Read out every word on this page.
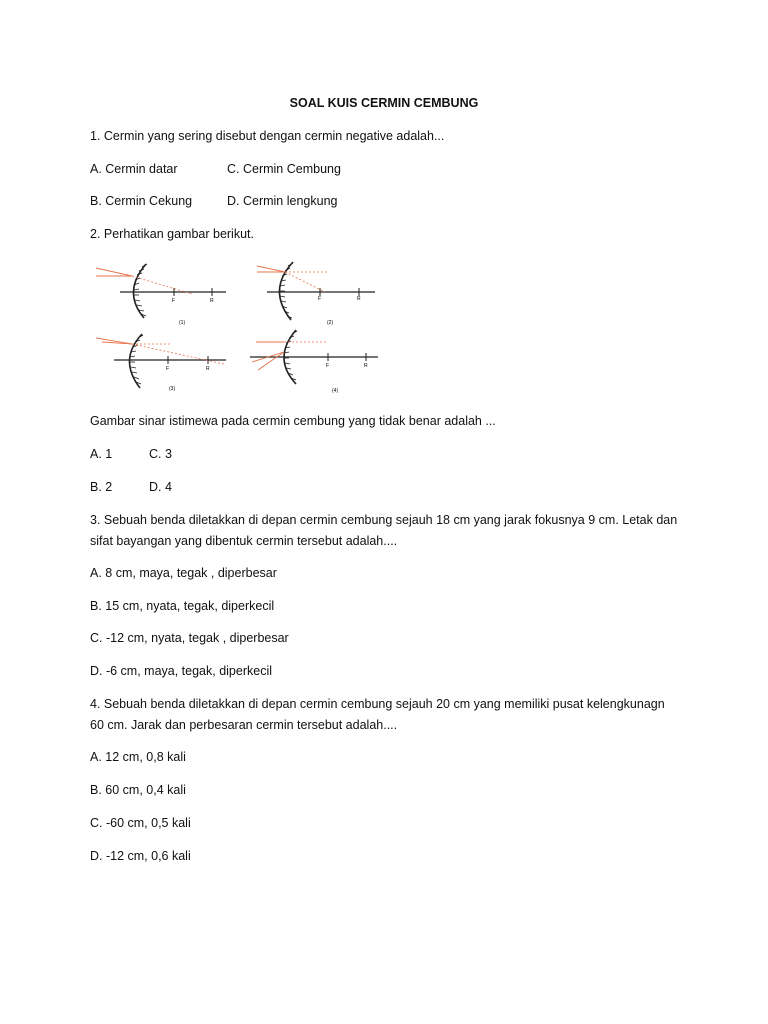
SOAL KUIS CERMIN CEMBUNG
1. Cermin yang sering disebut dengan cermin negative adalah...
A. Cermin datar	C. Cermin Cembung
B. Cermin Cekung	D. Cermin lengkung
2. Perhatikan gambar berikut.
F	R
(1)
F	R
(2)
F	R
(3)
F	R
(4)
Gambar sinar istimewa pada cermin cembung yang tidak benar adalah ...
A. 1	C. 3
B. 2	D. 4
3. Sebuah benda diletakkan di depan cermin cembung sejauh 18 cm yang jarak fokusnya 9 cm. Letak dan sifat bayangan yang dibentuk cermin tersebut adalah....
A. 8 cm, maya, tegak , diperbesar
B. 15 cm, nyata, tegak, diperkecil
C. -12 cm, nyata, tegak , diperbesar
D. -6 cm, maya, tegak, diperkecil
4. Sebuah benda diletakkan di depan cermin cembung sejauh 20 cm yang memiliki pusat kelengkunagn 60 cm. Jarak dan perbesaran cermin tersebut adalah....
A. 12 cm, 0,8 kali
B. 60 cm, 0,4 kali
C. -60 cm, 0,5 kali
D. -12 cm, 0,6 kali
